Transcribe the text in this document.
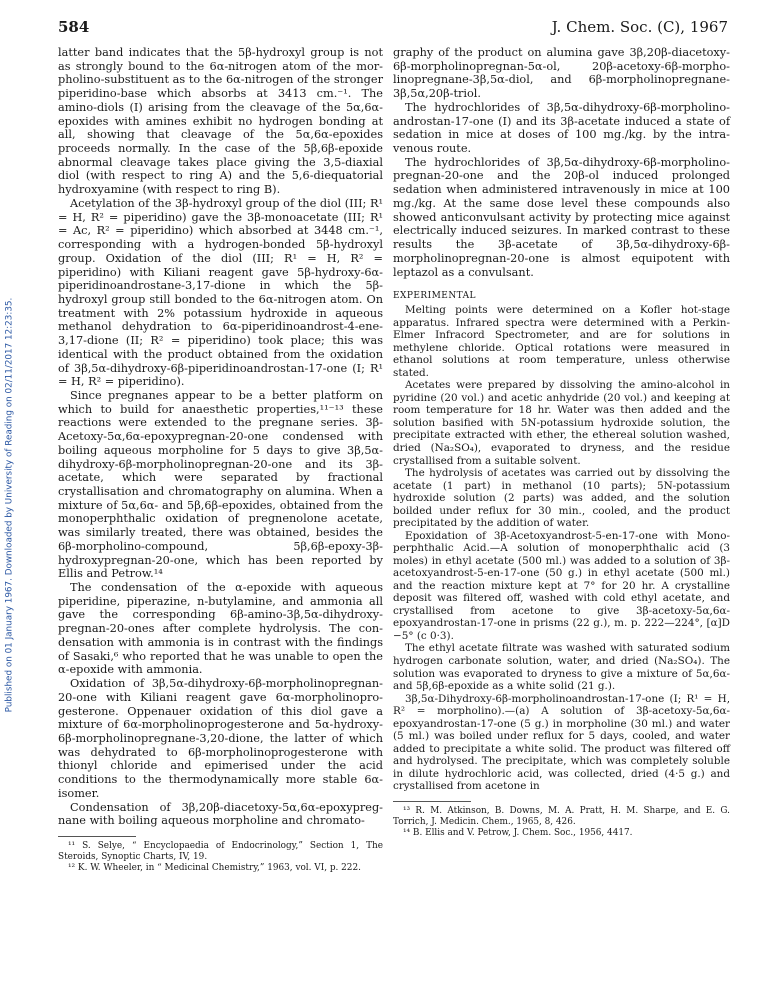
584	J. Chem. Soc. (C), 1967
Published on 01 January 1967. Downloaded by University of Reading on 02/11/2017 12:23:35.

latter band indicates that the 5β-hydroxyl group is not as strongly bound to the 6α-nitrogen atom of the morpholino-substituent as to the 6α-nitrogen of the stronger piperidino-base which absorbs at 3413 cm.⁻¹. The amino-diols (I) arising from the cleavage of the 5α,6α-epoxides with amines exhibit no hydrogen bonding at all, showing that cleavage of the 5α,6α-epoxides proceeds normally. In the case of the 5β,6β-epoxide abnormal cleavage takes place giving the 3,5-diaxial diol (with respect to ring A) and the 5,6-diequatorial hydroxyamine (with respect to ring B).

Acetylation of the 3β-hydroxyl group of the diol (III; R¹ = H, R² = piperidino) gave the 3β-monoacetate (III; R¹ = Ac, R² = piperidino) which absorbed at 3448 cm.⁻¹, corresponding with a hydrogen-bonded 5β-hydroxyl group. Oxidation of the diol (III; R¹ = H, R² = piperidino) with Kiliani reagent gave 5β-hydroxy-6α-piperidinoandrostane-3,17-dione in which the 5β-hydroxyl group still bonded to the 6α-nitrogen atom. On treatment with 2% potassium hydroxide in aqueous methanol dehydration to 6α-piperidinoandrost-4-ene-3,17-dione (II; R² = piperidino) took place; this was identical with the product obtained from the oxidation of 3β,5α-dihydroxy-6β-piperidinoandrostan-17-one (I; R¹ = H, R² = piperidino).

Since pregnanes appear to be a better platform on which to build for anaesthetic properties,¹¹⁻¹³ these reactions were extended to the pregnane series. 3β-Acetoxy-5α,6α-epoxypregnan-20-one condensed with boiling aqueous morpholine for 5 days to give 3β,5α-dihydroxy-6β-morpholinopregnan-20-one and its 3β-acetate, which were separated by fractional crystallisation and chromatography on alumina. When a mixture of 5α,6α- and 5β,6β-epoxides, obtained from the monoperphthalic oxidation of pregnenolone acetate, was similarly treated, there was obtained, besides the 6β-morpholino-compound, 5β,6β-epoxy-3β-hydroxypregnan-20-one, which has been reported by Ellis and Petrow.¹⁴

The condensation of the α-epoxide with aqueous piperidine, piperazine, n-butylamine, and ammonia all gave the corresponding 6β-amino-3β,5α-dihydroxypregnan-20-ones after complete hydrolysis. The condensation with ammonia is in contrast with the findings of Sasaki,⁶ who reported that he was unable to open the α-epoxide with ammonia.

Oxidation of 3β,5α-dihydroxy-6β-morpholinopregnan-20-one with Kiliani reagent gave 6α-morpholinoprogesterone. Oppenauer oxidation of this diol gave a mixture of 6α-morpholinoprogesterone and 5α-hydroxy-6β-morpholinopregnane-3,20-dione, the latter of which was dehydrated to 6β-morpholinoprogesterone with thionyl chloride and epimerised under the acid conditions to the thermodynamically more stable 6α-isomer.

Condensation of 3β,20β-diacetoxy-5α,6α-epoxypregnane with boiling aqueous morpholine and chromato-

¹¹ S. Selye, “ Encyclopaedia of Endocrinology,” Section 1, The Steroids, Synoptic Charts, IV, 19.

¹² K. W. Wheeler, in “ Medicinal Chemistry,” 1963, vol. VI, p. 222.

graphy of the product on alumina gave 3β,20β-diacetoxy-6β-morpholinopregnan-5α-ol, 20β-acetoxy-6β-morpholinopregnane-3β,5α-diol, and 6β-morpholinopregnane-3β,5α,20β-triol.

The hydrochlorides of 3β,5α-dihydroxy-6β-morpholinoandrostan-17-one (I) and its 3β-acetate induced a state of sedation in mice at doses of 100 mg./kg. by the intravenous route.

The hydrochlorides of 3β,5α-dihydroxy-6β-morpholinopregnan-20-one and the 20β-ol induced prolonged sedation when administered intravenously in mice at 100 mg./kg. At the same dose level these compounds also showed anticonvulsant activity by protecting mice against electrically induced seizures. In marked contrast to these results the 3β-acetate of 3β,5α-dihydroxy-6β-morpholinopregnan-20-one is almost equipotent with leptazol as a convulsant.

EXPERIMENTAL

Melting points were determined on a Kofler hot-stage apparatus. Infrared spectra were determined with a Perkin-Elmer Infracord Spectrometer, and are for solutions in methylene chloride. Optical rotations were measured in ethanol solutions at room temperature, unless otherwise stated.

Acetates were prepared by dissolving the amino-alcohol in pyridine (20 vol.) and acetic anhydride (20 vol.) and keeping at room temperature for 18 hr. Water was then added and the solution basified with 5N-potassium hydroxide solution, the precipitate extracted with ether, the ethereal solution washed, dried (Na₂SO₄), evaporated to dryness, and the residue crystallised from a suitable solvent.

The hydrolysis of acetates was carried out by dissolving the acetate (1 part) in methanol (10 parts); 5N-potassium hydroxide solution (2 parts) was added, and the solution boilded under reflux for 30 min., cooled, and the product precipitated by the addition of water.

Epoxidation of 3β-Acetoxyandrost-5-en-17-one with Monoperphthalic Acid.—A solution of monoperphthalic acid (3 moles) in ethyl acetate (500 ml.) was added to a solution of 3β-acetoxyandrost-5-en-17-one (50 g.) in ethyl acetate (500 ml.) and the reaction mixture kept at 7° for 20 hr. A crystalline deposit was filtered off, washed with cold ethyl acetate, and crystallised from acetone to give 3β-acetoxy-5α,6α-epoxyandrostan-17-one in prisms (22 g.), m. p. 222—224°, [α]D −5° (c 0·3).

The ethyl acetate filtrate was washed with saturated sodium hydrogen carbonate solution, water, and dried (Na₂SO₄). The solution was evaporated to dryness to give a mixture of 5α,6α- and 5β,6β-epoxide as a white solid (21 g.).

3β,5α-Dihydroxy-6β-morpholinoandrostan-17-one (I; R¹ = H, R² = morpholino).—(a) A solution of 3β-acetoxy-5α,6α-epoxyandrostan-17-one (5 g.) in morpholine (30 ml.) and water (5 ml.) was boiled under reflux for 5 days, cooled, and water added to precipitate a white solid. The product was filtered off and hydrolysed. The precipitate, which was completely soluble in dilute hydrochloric acid, was collected, dried (4·5 g.) and crystallised from acetone in

¹³ R. M. Atkinson, B. Downs, M. A. Pratt, H. M. Sharpe, and E. G. Torrich, J. Medicin. Chem., 1965, 8, 426.

¹⁴ B. Ellis and V. Petrow, J. Chem. Soc., 1956, 4417.
